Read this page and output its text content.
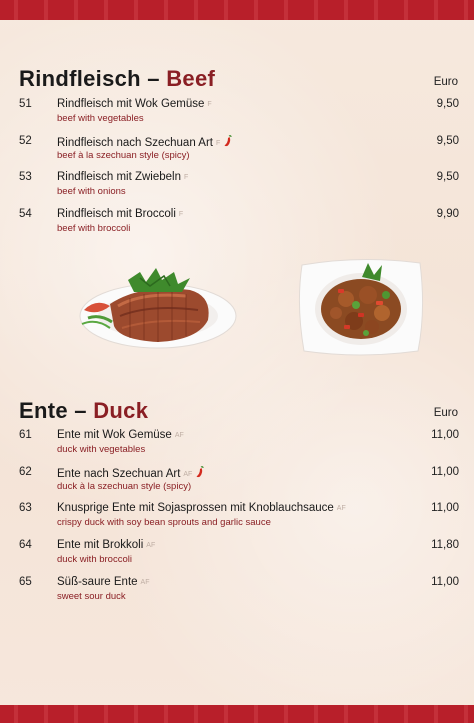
Rindfleisch – Beef	Euro
51 Rindfleisch mit Wok Gemüse F
beef with vegetables
9,50
52 Rindfleisch nach Szechuan Art F
beef à la szechuan style (spicy)
9,50
53 Rindfleisch mit Zwiebeln F
beef with onions
9,50
54 Rindfleisch mit Broccoli F
beef with broccoli
9,90
Ente – Duck	Euro
61 Ente mit Wok Gemüse AF
duck with vegetables
11,00
62 Ente nach Szechuan Art AF
duck à la szechuan style (spicy)
11,00
63 Knusprige Ente mit Sojasprossen mit Knoblauchsauce AF
crispy duck with soy bean sprouts and garlic sauce
11,00
64 Ente mit Brokkoli AF
duck with broccoli
11,80
65 Süß-saure Ente AF
sweet sour duck
11,00
